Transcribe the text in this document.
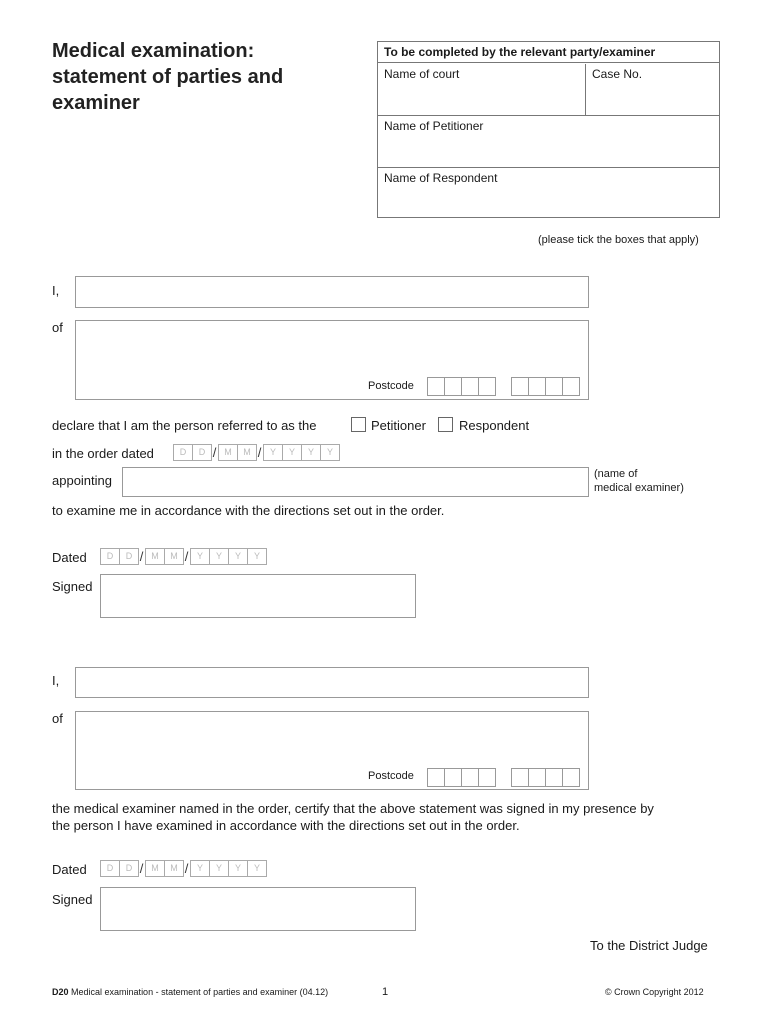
Medical examination:
statement of parties and
examiner
To be completed by the relevant party/examiner
Name of court	Case No.
Name of Petitioner
Name of Respondent
(please tick the boxes that apply)
I,
of
Postcode
declare that I am the person referred to as the	Petitioner	Respondent
in the order dated	D	D / M	M / Y	Y	Y	Y
appointing	(name of
medical examiner)
to examine me in accordance with the directions set out in the order.
Dated	D	D / M	M / Y	Y	Y	Y
Signed
I,
of
Postcode
the medical examiner named in the order, certify that the above statement was signed in my presence by
the person I have examined in accordance with the directions set out in the order.
Dated	D	D / M	M / Y	Y	Y	Y
Signed
To the District Judge
D20 Medical examination - statement of parties and examiner (04.12)	1	© Crown Copyright 2012
